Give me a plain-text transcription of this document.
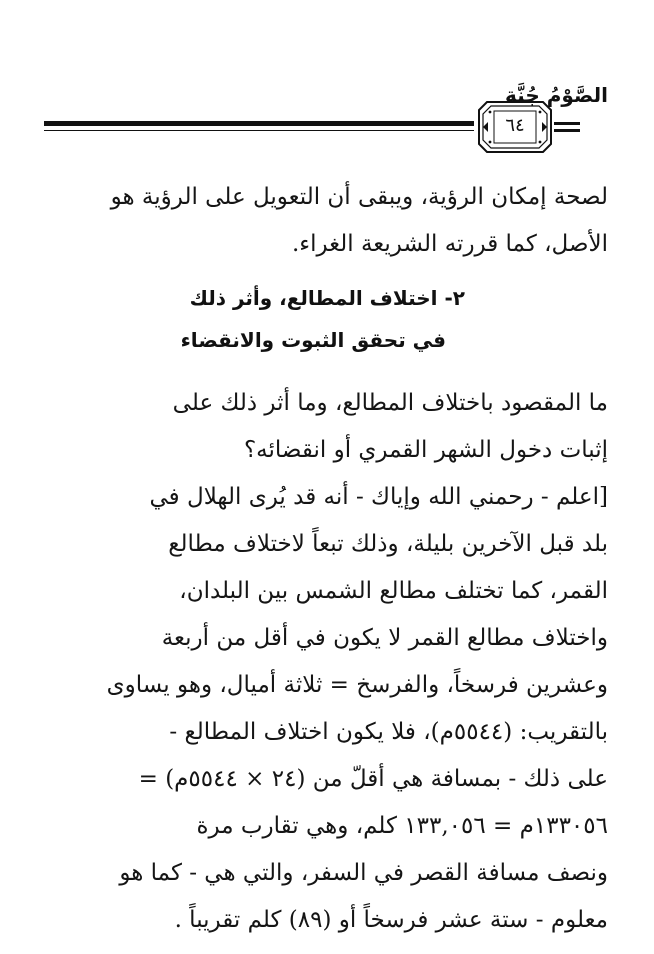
الصَّوْمُ جُنَّة
٦٤
لصحة إمكان الرؤية، ويبقى أن التعويل على الرؤية هو
الأصل، كما قررته الشريعة الغراء.
٢- اختلاف المطالع، وأثر ذلك
في تحقق الثبوت والانقضاء
ما المقصود باختلاف المطالع، وما أثر ذلك على
إثبات دخول الشهر القمري أو انقضائه؟
[اعلم - رحمني الله وإياك - أنه قد يُرى الهلال في
بلد قبل الآخرين بليلة، وذلك تبعاً لاختلاف مطالع
القمر، كما تختلف مطالع الشمس بين البلدان،
واختلاف مطالع القمر لا يكون في أقل من أربعة
وعشرين فرسخاً، والفرسخ = ثلاثة أميال، وهو يساوى
بالتقريب: (٥٥٤٤م)، فلا يكون اختلاف المطالع -
على ذلك - بمسافة هي أقلّ من (٢٤ × ٥٥٤٤م) =
١٣٣٠٥٦م = ١٣٣,٠٥٦ كلم، وهي تقارب مرة
ونصف مسافة القصر في السفر، والتي هي - كما هو
معلوم - ستة عشر فرسخاً أو (٨٩) كلم تقريباً .
